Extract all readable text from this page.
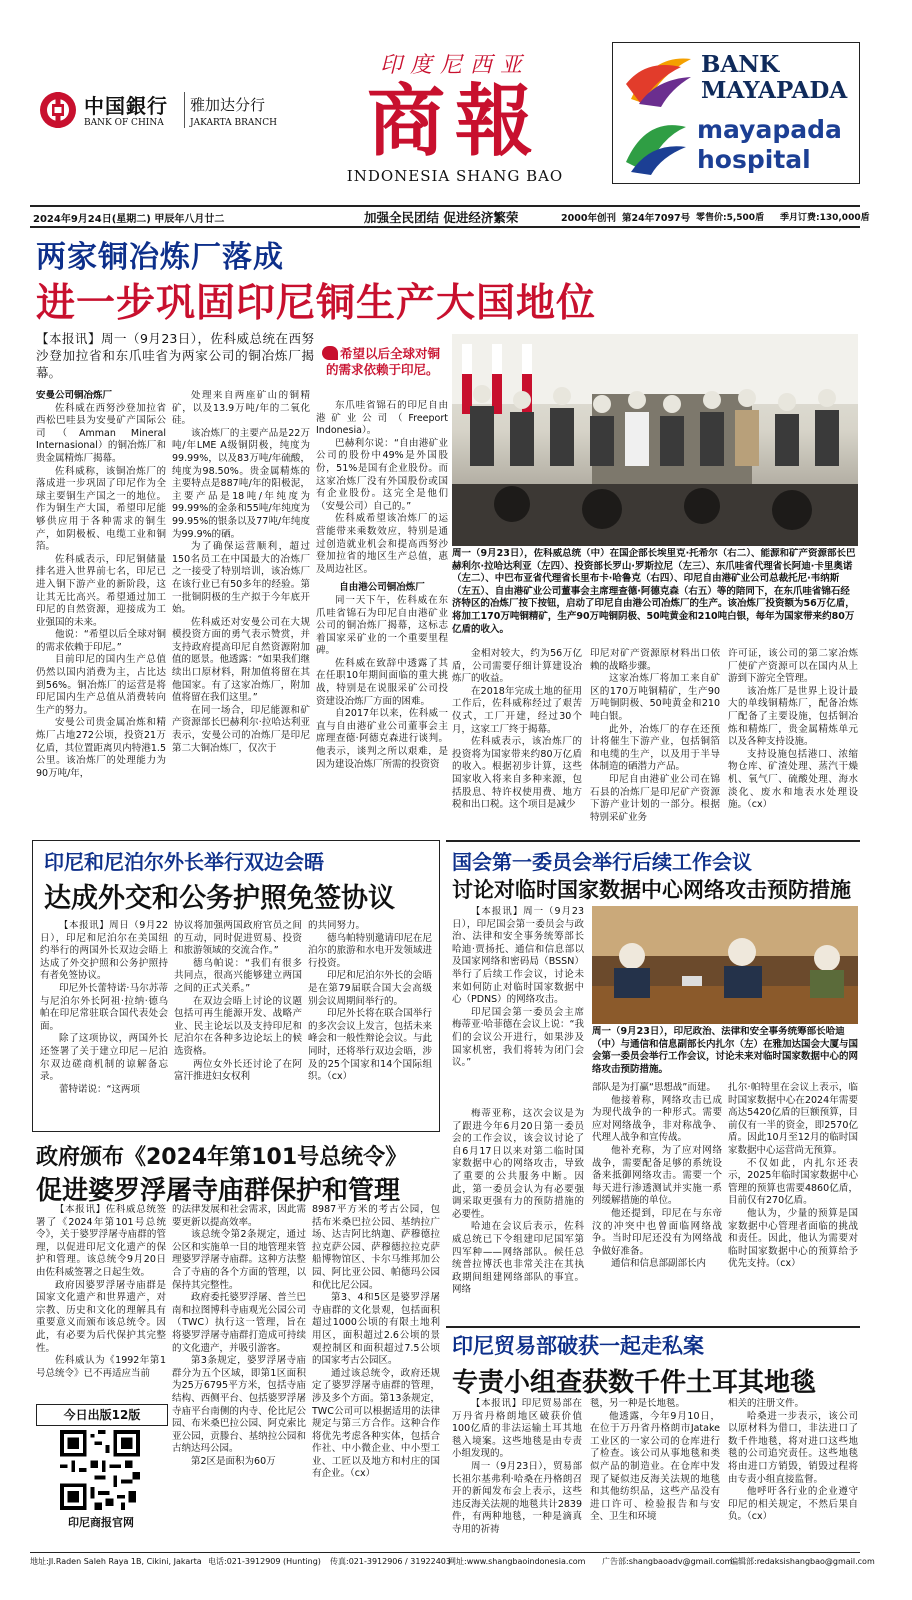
中国銀行
BANK OF CHINA
雅加达分行
JAKARTA BRANCH
印度尼西亚
商報
INDONESIA SHANG BAO
BANK
MAYAPADA
mayapada
hospital
2024年9月24日(星期二) 甲辰年八月廿二	加强全民团结 促进经济繁荣	2000年创刊 第24年7097号 零售价:5,500盾 季月订费:130,000盾
两家铜冶炼厂落成
进一步巩固印尼铜生产大国地位
【本报讯】周一（9月23日），佐科威总统在西努沙登加拉省和东爪哇省为两家公司的铜冶炼厂揭幕。
希望以后全球对铜的需求依赖于印尼。

安曼公司铜冶炼厂

佐科威在西努沙登加拉省西松巴哇县为安曼矿产国际公司（Amman Mineral Internasional）的铜冶炼厂和贵金属精炼厂揭幕。

佐科威称，该铜冶炼厂的落成进一步巩固了印尼作为全球主要铜生产国之一的地位。作为铜生产大国，希望印尼能够供应用于各种需求的铜生产，如阴极板、电缆工业和铜箔。

佐科威表示，印尼铜储量排名进入世界前七名，印尼已进入铜下游产业的新阶段，这让其无比高兴。希望通过加工印尼的自然资源，迎接成为工业强国的未来。

他说：“希望以后全球对铜的需求依赖于印尼。”

目前印尼的国内生产总值仍然以国内消费为主，占比达到56%。铜冶炼厂的运营是将印尼国内生产总值从消费转向生产的努力。

安曼公司贵金属冶炼和精炼厂占地272公顷，投资21万亿盾，其位置距离贝内特港1.5公里。该冶炼厂的处理能力为90万吨/年，

处理来自两座矿山的铜精矿，以及13.9万吨/年的二氧化硅。

该冶炼厂的主要产品是22万吨/年LME A级铜阴极，纯度为99.99%，以及83万吨/年硫酸，纯度为98.50%。贵金属精炼的主要特点是887吨/年的阳极泥，主要产品是18吨/年纯度为99.99%的金条和55吨/年纯度为99.95%的银条以及77吨/年纯度为99.9%的硒。

为了确保运营顺利，超过150名员工在中国最大的冶炼厂之一接受了特别培训，该冶炼厂在该行业已有50多年的经验。第一批铜阴极的生产拟于今年底开始。

佐科威还对安曼公司在大规模投资方面的勇气表示赞赏，并支持政府提高印尼自然资源附加值的愿景。他透露：“如果我们继续出口原材料，附加值将留在其他国家。有了这家冶炼厂，附加值将留在我们这里。”

在同一场合，印尼能源和矿产资源部长巴赫利尔·拉哈达利亚表示，安曼公司的冶炼厂是印尼第二大铜冶炼厂，仅次于

东爪哇省锦石的印尼自由港矿业公司（Freeport Indonesia）。

巴赫利尔说：“自由港矿业公司的股份中49%是外国股份，51%是国有企业股份。而这家冶炼厂没有外国股份或国有企业股份。这完全是他们（安曼公司）自己的。”

佐科威希望该冶炼厂的运营能带来乘数效应，特别是通过创造就业机会和提高西努沙登加拉省的地区生产总值，惠及周边社区。

自由港公司铜冶炼厂

同一天下午，佐科威在东爪哇省锦石为印尼自由港矿业公司的铜冶炼厂揭幕，这标志着国家采矿业的一个重要里程碑。

佐科威在致辞中透露了其在任职10年期间面临的重大挑战，特别是在说服采矿公司投资建设冶炼厂方面的困难。

自2017年以来，佐科威一直与自由港矿业公司董事会主席理查德·阿德克森进行谈判。他表示，谈判之所以艰难，是因为建设冶炼厂所需的投资资

周一（9月23日），佐科威总统（中）在国企部长埃里克·托希尔（右二）、能源和矿产资源部长巴赫利尔·拉哈达利亚（左四）、投资部长罗山·罗斯拉尼（左三）、东爪哇省代理省长阿迪·卡里奥诺（左二）、中巴布亚省代理省长里布卡·哈鲁克（右四）、印尼自由港矿业公司总裁托尼·韦纳斯（左五）、自由港矿业公司董事会主席理查德·阿德克森（右五）等的陪同下，在东爪哇省锦石经济特区的冶炼厂按下按钮，启动了印尼自由港公司冶炼厂的生产。该冶炼厂投资额为56万亿盾，将加工170万吨铜精矿，生产90万吨铜阴极、50吨黄金和210吨白银，每年为国家带来约80万亿盾的收入。

金相对较大，约为56万亿盾，公司需要仔细计算建设冶炼厂的收益。

在2018年完成土地的征用工作后，佐科威称经过了艰苦仪式，工厂开建，经过30个月，这家工厂终于揭幕。

佐科威表示，该冶炼厂的投资将为国家带来约80万亿盾的收入。根据初步计算，这些国家收入将来自多种来源，包括股息、特许权使用费、地方税和出口税。这个项目是减少

印尼对矿产资源原材料出口依赖的战略步骤。

这家冶炼厂将加工来自矿区的170万吨铜精矿，生产90万吨铜阴极、50吨黄金和210吨白银。

此外，冶炼厂的存在还预计将催生下游产业，包括铜箔和电缆的生产，以及用于半导体制造的硒潜力产品。

印尼自由港矿业公司在锦石县的冶炼厂是印尼矿产资源下游产业计划的一部分。根据特别采矿业务

许可证，该公司的第二家冶炼厂使矿产资源可以在国内从上游到下游完全管理。

该冶炼厂是世界上设计最大的单线铜精炼厂，配备冶炼厂配备了主要设施，包括铜冶炼和精炼厂，贵金属精炼单元以及各种支持设施。

支持设施包括港口、浓缩物仓库、矿渣处理、蒸汽干燥机、氧气厂、硫酸处理、海水淡化、废水和地表水处理设施。（cx）

印尼和尼泊尔外长举行双边会晤
达成外交和公务护照免签协议

【本报讯】周日（9月22日），印尼和尼泊尔在美国纽约举行的两国外长双边会晤上达成了外交护照和公务护照持有者免签协议。

印尼外长蕾特诺·马尔苏蒂与尼泊尔外长阿祖·拉纳·德乌帕在印尼常驻联合国代表处会面。

除了这项协议，两国外长还签署了关于建立印尼－尼泊尔双边磋商机制的谅解备忘录。

蕾特诺说：“这两项

协议将加强两国政府官员之间的互动，同时促进贸易、投资和旅游领域的交流合作。”

德乌帕说：“我们有很多共同点，很高兴能够建立两国之间的正式关系。”

在双边会晤上讨论的议题包括可再生能源开发、战略产业、民主论坛以及支持印尼和尼泊尔在各种多边论坛上的候选资格。

两位女外长还讨论了在阿富汗推进妇女权利

的共同努力。

德乌帕特别邀请印尼在尼泊尔的旅游和水电开发领域进行投资。

印尼和尼泊尔外长的会晤是在第79届联合国大会高级别会议周期间举行的。

印尼外长将在联合国举行的多次会议上发言，包括未来峰会和一般性辩论会议。与此同时，还将举行双边会晤，涉及的25个国家和14个国际组织。（cx）

国会第一委员会举行后续工作会议
讨论对临时国家数据中心网络攻击预防措施

【本报讯】周一（9月23日），印尼国会第一委员会与政治、法律和安全事务统筹部长哈迪·贾扬托、通信和信息部以及国家网络和密码局（BSSN）举行了后续工作会议，讨论未来如何防止对临时国家数据中心（PDNS）的网络攻击。

印尼国会第一委员会主席梅蒂亚·哈菲德在会议上说：“我们的会议公开进行，如果涉及国家机密，我们将转为闭门会议。”

周一（9月23日），印尼政治、法律和安全事务统筹部长哈迪（中）与通信和信息副部长内扎尔（左）在雅加达国会大厦与国会第一委员会举行工作会议，讨论未来对临时国家数据中心的网络攻击预防措施。

梅蒂亚称，这次会议是为了跟进今年6月20日第一委员会的工作会议，该会议讨论了自6月17日以来对第二临时国家数据中心的网络攻击，导致了重要的公共服务中断。因此，第一委员会认为有必要强调采取更强有力的预防措施的必要性。

哈迪在会议后表示，佐科威总统已下令组建印尼国军第四军种——网络部队。候任总统普拉博沃也非常关注在其执政期间组建网络部队的事宜。网络

部队是为打赢“思想战”而建。

他接着称，网络攻击已成为现代战争的一种形式。需要应对网络战争，非对称战争、代理人战争和宣传战。

他补充称，为了应对网络战争，需要配备足够的系统设备来抵御网络攻击。需要一个每天进行渗透测试并实施一系列缓解措施的单位。

他还提到，印尼在与东帝汶的冲突中也曾面临网络战争。当时印尼还没有为网络战争做好准备。

通信和信息部副部长内

扎尔·帕特里在会议上表示，临时国家数据中心在2024年需要高达5420亿盾的巨额预算，目前仅有一半的资金，即2570亿盾。因此10月至12月的临时国家数据中心运营尚无预算。

不仅如此，内扎尔还表示，2025年临时国家数据中心管理的预算也需要4860亿盾，目前仅有270亿盾。

他认为，少量的预算是国家数据中心管理者面临的挑战和责任。因此，他认为需要对临时国家数据中心的预算给予优先支持。（cx）

政府颁布《2024年第101号总统令》
促进婆罗浮屠寺庙群保护和管理

【本报讯】佐科威总统签署了《2024年第101号总统令》，关于婆罗浮屠寺庙群的管理，以促进印尼文化遗产的保护和管理。该总统令9月20日由佐科威签署之日起生效。

政府因婆罗浮屠寺庙群是国家文化遗产和世界遗产，对宗教、历史和文化的理解具有重要意义而颁布该总统令。因此，有必要为后代保护其完整性。

佐科威认为《1992年第1号总统令》已不再适应当前

的法律发展和社会需求，因此需要更新以提高效率。

该总统令第2条规定，通过公区和实施单一目的地管理来管理婆罗浮屠寺庙群。这种方法整合了寺庙的各个方面的管理，以保持其完整性。

政府委托婆罗浮屠、普兰巴南和拉图博科寺庙观光公园公司（TWC）执行这一管理，旨在将婆罗浮屠寺庙群打造成可持续的文化遗产，并吸引游客。

第3条规定，婆罗浮屠寺庙群分为五个区域，即第1区面积为25万6795平方米，包括寺庙结构、西侧平台、包括婆罗浮屠寺庙平台南侧的内寺、伦比尼公园、布米桑巴拉公园、阿克索比亚公园，贡滕台、基纳拉公园和古纳达玛公园。

第2区是面积为60万

8987平方米的考古公园，包括布米桑巴拉公园、基纳拉广场、达吉阿比纳迦、萨穆德拉拉克萨公园、萨穆德拉拉克萨船博物馆区、卡尔马维邦加公园、阿比亚公园、帕德玛公园和优比尼公园。

第3、4和5区是婆罗浮屠寺庙群的文化景观，包括面积超过1000公顷的有限土地利用区，面积超过2.6公顷的景观控制区和面积超过7.5公顷的国家考古公园区。

通过该总统令，政府还规定了婆罗浮屠寺庙群的管理，涉及多个方面。第13条规定，TWC公司可以根据适用的法律规定与第三方合作。这种合作将优先考虑各种实体，包括合作社、中小微企业、中小型工业、工匠以及地方和村庄的国有企业。（cx）

今日出版12版
印尼商报官网
印尼贸易部破获一起走私案
专责小组查获数千件土耳其地毯

【本报讯】印尼贸易部在万丹省丹格朗地区破获价值100亿盾的非法运输土耳其地毯入境案。这些地毯是由专责小组发现的。

周一（9月23日），贸易部长祖尔基弗利·哈桑在丹格朗召开的新闻发布会上表示，这些违反海关法规的地毯共计2839件，有两种地毯，一种是滴真寺用的祈祷

毯，另一种是长地毯。

他透露，今年9月10日，在位于万丹省丹格朗市Jatake工业区的一家公司的仓库进行了检查。该公司从事地毯和类似产品的制造业。在仓库中发现了疑似违反海关法规的地毯和其他纺织品，这些产品没有进口许可、检验报告和与安全、卫生和环境

相关的注册文件。

哈桑进一步表示，该公司以原材料为借口，非法进口了数千件地毯，将对进口这些地毯的公司追究责任。这些地毯将由进口方销毁，销毁过程将由专责小组直接监督。

他呼吁各行业的企业遵守印尼的相关规定，不然后果自负。（cx）

地址:Jl.Raden Saleh Raya 1B, Cikini, Jakarta 电话:021-3912909 (Hunting) 传真:021-3912906 / 31922403
网址:www.shangbaoindonesia.com 广告部:shangbaoadv@gmail.com
编辑部:redaksishangbao@gmail.com
